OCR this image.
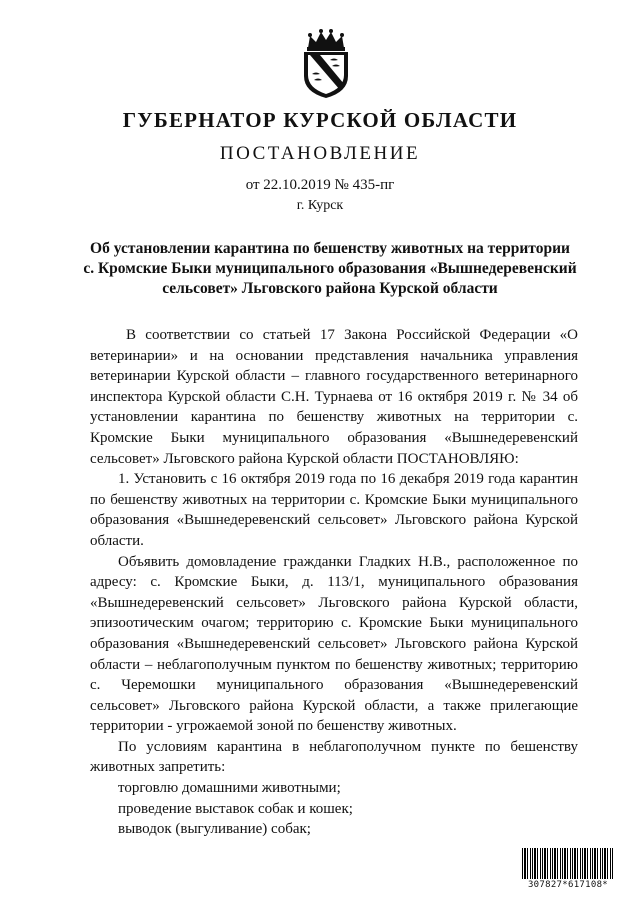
ГУБЕРНАТОР КУРСКОЙ ОБЛАСТИ
ПОСТАНОВЛЕНИЕ
от 22.10.2019 № 435-пг
г. Курск
Об установлении карантина по бешенству животных на территории
с. Кромские Быки муниципального образования «Вышнедеревенский
сельсовет» Льговского района Курской области

В соответствии со статьей 17 Закона Российской Федерации «О ветеринарии» и на основании представления начальника управления ветеринарии Курской области – главного государственного ветеринарного инспектора Курской области С.Н. Турнаева от 16 октября 2019 г. № 34 об установлении карантина по бешенству животных на территории с. Кромские Быки муниципального образования «Вышнедеревенский сельсовет» Льговского района Курской области ПОСТАНОВЛЯЮ:

1. Установить с 16 октября 2019 года по 16 декабря 2019 года карантин по бешенству животных на территории с. Кромские Быки муниципального образования «Вышнедеревенский сельсовет» Льговского района Курской области.

Объявить домовладение гражданки Гладких Н.В., расположенное по адресу: с. Кромские Быки, д. 113/1, муниципального образования «Вышнедеревенский сельсовет» Льговского района Курской области, эпизоотическим очагом; территорию с. Кромские Быки муниципального образования «Вышнедеревенский сельсовет» Льговского района Курской области – неблагополучным пунктом по бешенству животных; территорию с. Черемошки муниципального образования «Вышнедеревенский сельсовет» Льговского района Курской области, а также прилегающие территории - угрожаемой зоной по бешенству животных.

По условиям карантина в неблагополучном пункте по бешенству животных запретить:

торговлю домашними животными;

проведение выставок собак и кошек;

выводок (выгуливание) собак;

307827*617108*
